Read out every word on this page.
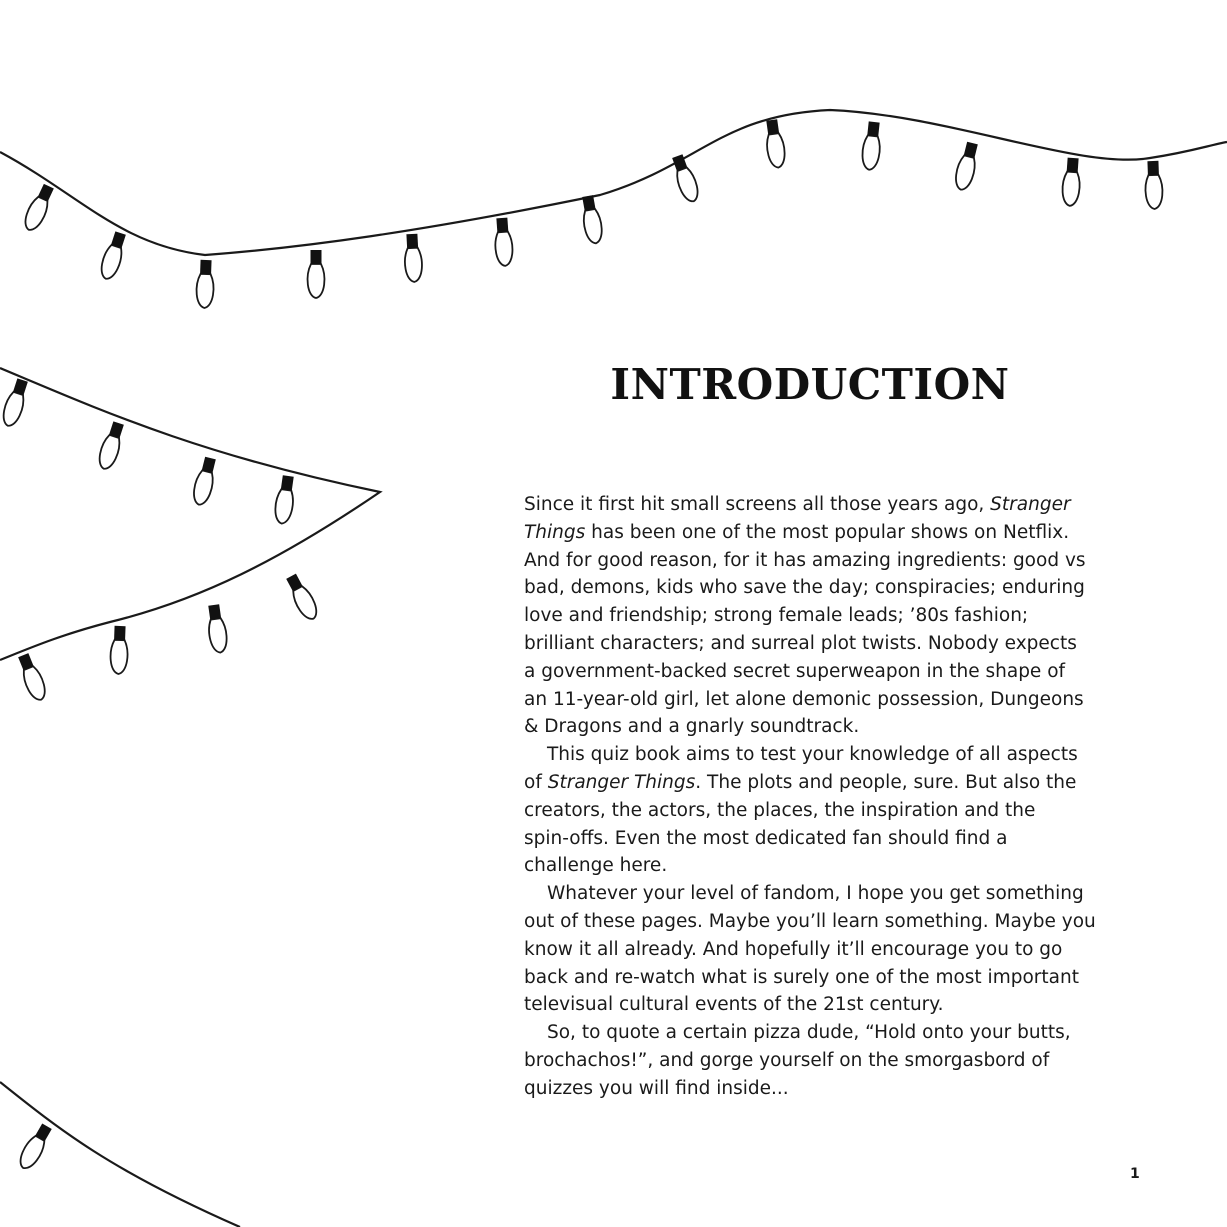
INTRODUCTION
Since it first hit small screens all those years ago, Stranger
Things has been one of the most popular shows on Netflix.
And for good reason, for it has amazing ingredients: good vs
bad, demons, kids who save the day; conspiracies; enduring
love and friendship; strong female leads; ’80s fashion;
brilliant characters; and surreal plot twists. Nobody expects
a government-backed secret superweapon in the shape of
an 11-year-old girl, let alone demonic possession, Dungeons
& Dragons and a gnarly soundtrack.
This quiz book aims to test your knowledge of all aspects
of Stranger Things. The plots and people, sure. But also the
creators, the actors, the places, the inspiration and the
spin-offs. Even the most dedicated fan should find a
challenge here.
Whatever your level of fandom, I hope you get something
out of these pages. Maybe you’ll learn something. Maybe you
know it all already. And hopefully it’ll encourage you to go
back and re-watch what is surely one of the most important
televisual cultural events of the 21st century.
So, to quote a certain pizza dude, “Hold onto your butts,
brochachos!”, and gorge yourself on the smorgasbord of
quizzes you will find inside...
1
